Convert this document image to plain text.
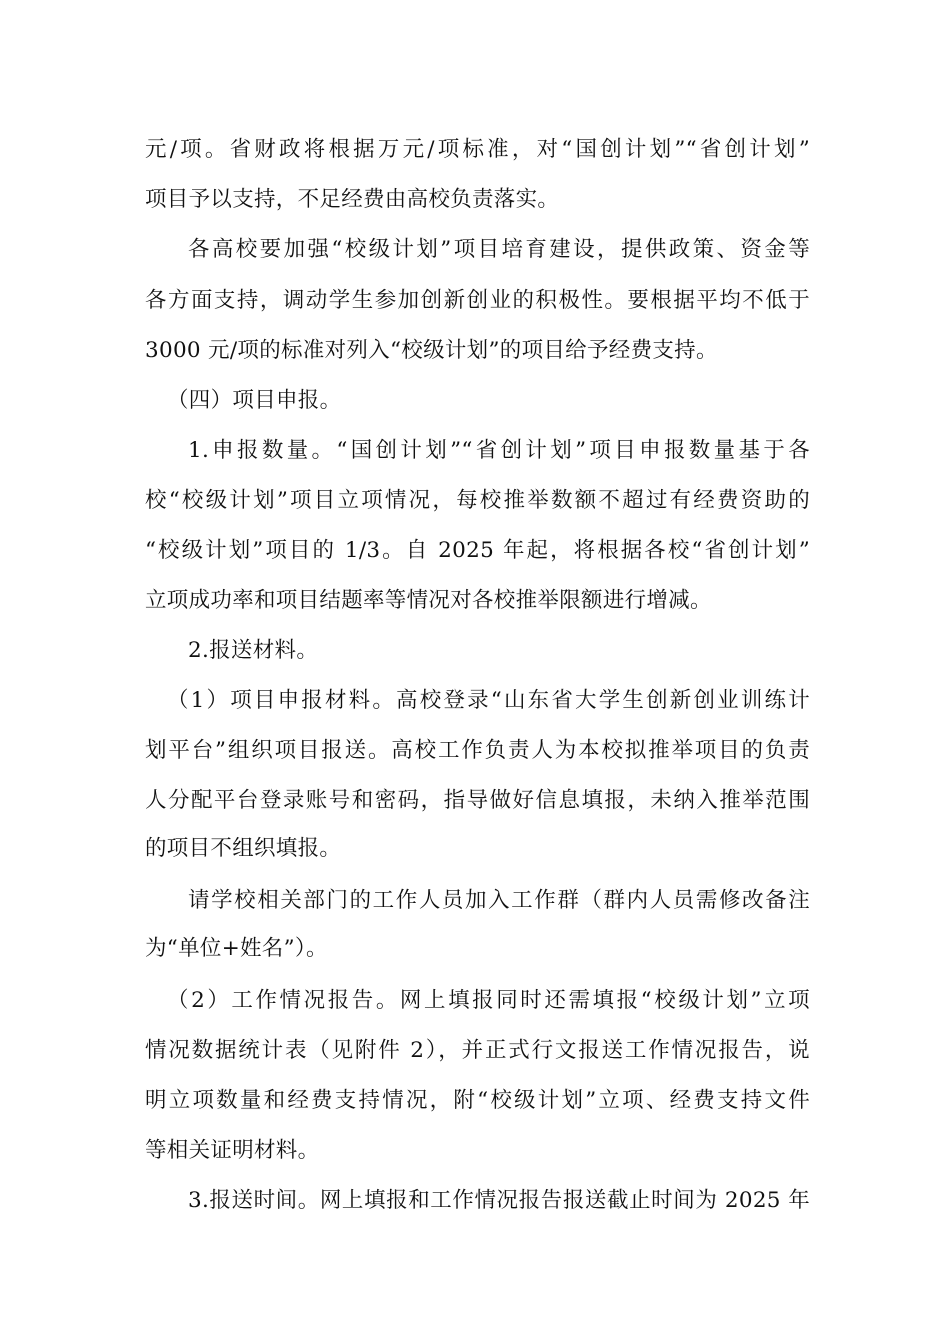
元/项。省财政将根据万元/项标准，对“国创计划”“省创计划”
项目予以支持，不足经费由高校负责落实。
各高校要加强“校级计划”项目培育建设，提供政策、资金等
各方面支持，调动学生参加创新创业的积极性。要根据平均不低于
3000 元/项的标准对列入“校级计划”的项目给予经费支持。
（四）项目申报。
1.申报数量。“国创计划”“省创计划”项目申报数量基于各
校“校级计划”项目立项情况，每校推举数额不超过有经费资助的
“校级计划”项目的 1/3。自 2025 年起，将根据各校“省创计划”
立项成功率和项目结题率等情况对各校推举限额进行增减。
2.报送材料。
（1）项目申报材料。高校登录“山东省大学生创新创业训练计
划平台”组织项目报送。高校工作负责人为本校拟推举项目的负责
人分配平台登录账号和密码，指导做好信息填报，未纳入推举范围
的项目不组织填报。
请学校相关部门的工作人员加入工作群（群内人员需修改备注
为“单位+姓名”）。
（2）工作情况报告。网上填报同时还需填报“校级计划”立项
情况数据统计表（见附件 2），并正式行文报送工作情况报告，说
明立项数量和经费支持情况，附“校级计划”立项、经费支持文件
等相关证明材料。
3.报送时间。网上填报和工作情况报告报送截止时间为 2025 年
